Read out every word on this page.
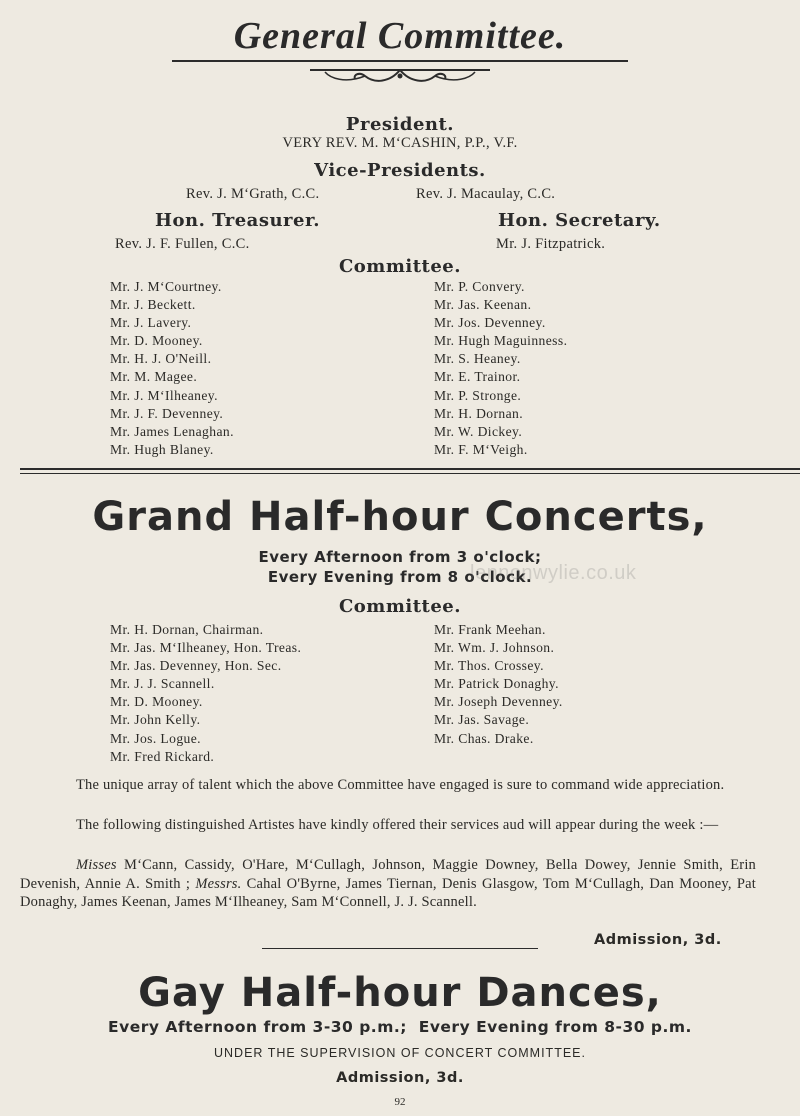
General Committee.
President.
VERY REV. M. M‘CASHIN, P.P., V.F.
Vice-Presidents.
Rev. J. M‘Grath, C.C.	Rev. J. Macaulay, C.C.
Hon. Treasurer.
Rev. J. F. Fullen, C.C.
Hon. Secretary.
Mr. J. Fitzpatrick.
Committee.
Mr. J. M‘Courtney.
Mr. J. Beckett.
Mr. J. Lavery.
Mr. D. Mooney.
Mr. H. J. O'Neill.
Mr. M. Magee.
Mr. J. M‘Ilheaney.
Mr. J. F. Devenney.
Mr. James Lenaghan.
Mr. Hugh Blaney.
Mr. P. Convery.
Mr. Jas. Keenan.
Mr. Jos. Devenney.
Mr. Hugh Maguinness.
Mr. S. Heaney.
Mr. E. Trainor.
Mr. P. Stronge.
Mr. H. Dornan.
Mr. W. Dickey.
Mr. F. M‘Veigh.
Grand Half-hour Concerts,
Every Afternoon from 3 o'clock;
Every Evening from 8 o'clock.
lennonwylie.co.uk
Committee.
Mr. H. Dornan, Chairman.
Mr. Jas. M‘Ilheaney, Hon. Treas.
Mr. Jas. Devenney, Hon. Sec.
Mr. J. J. Scannell.
Mr. D. Mooney.
Mr. John Kelly.
Mr. Jos. Logue.
Mr. Fred Rickard.
Mr. Frank Meehan.
Mr. Wm. J. Johnson.
Mr. Thos. Crossey.
Mr. Patrick Donaghy.
Mr. Joseph Devenney.
Mr. Jas. Savage.
Mr. Chas. Drake.
The unique array of talent which the above Committee have engaged is sure to command wide appreciation.
The following distinguished Artistes have kindly offered their services aud will appear during the week :—
Misses M‘Cann, Cassidy, O'Hare, M‘Cullagh, Johnson, Maggie Downey, Bella Dowey, Jennie Smith, Erin Devenish, Annie A. Smith ; Messrs. Cahal O'Byrne, James Tiernan, Denis Glasgow, Tom M‘Cullagh, Dan Mooney, Pat Donaghy, James Keenan, James M‘Ilheaney, Sam M‘Connell, J. J. Scannell.
Admission, 3d.
Gay Half-hour Dances,
Every Afternoon from 3-30 p.m.;  Every Evening from 8-30 p.m.
UNDER THE SUPERVISION OF CONCERT COMMITTEE.
Admission, 3d.
92
